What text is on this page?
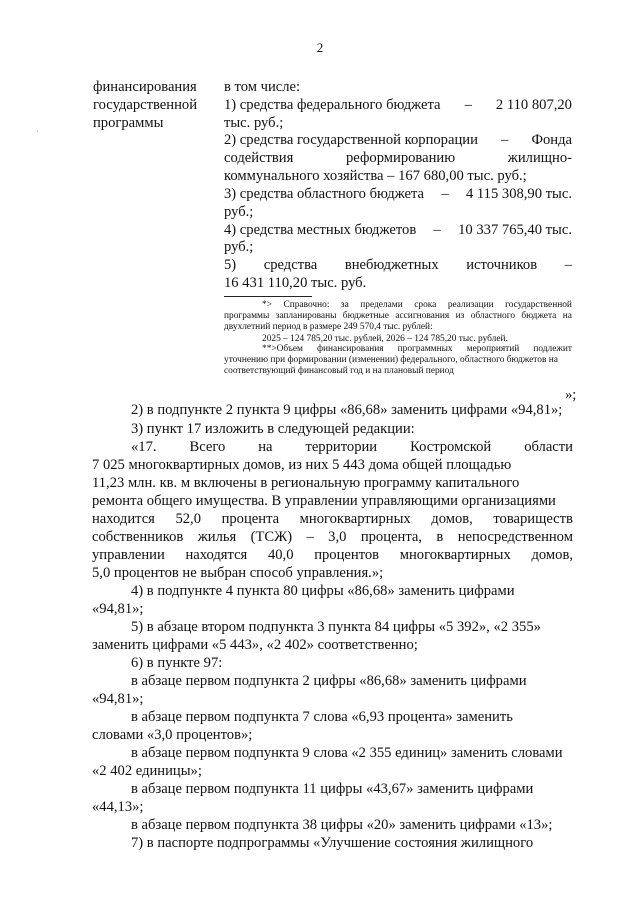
2
·
финансирования
государственной
программы
в том числе:
1) средства федерального бюджета – 2 110 807,20
тыс. руб.;
2) средства государственной корпорации – Фонда
содействия	реформированию	жилищно-
коммунального хозяйства – 167 680,00 тыс. руб.;
3) средства областного бюджета – 4 115 308,90 тыс.
руб.;
4) средства местных бюджетов – 10 337 765,40 тыс.
руб.;
5) средства внебюджетных источников –
16 431 110,20 тыс. руб.
*> Справочно: за пределами срока реализации государственной
программы запланированы бюджетные ассигнования из областного бюджета на
двухлетний период в размере 249 570,4 тыс. рублей:
2025 – 124 785,20 тыс. рублей, 2026 – 124 785,20 тыс. рублей.
**>Объем финансирования программных мероприятий подлежит
уточнению при формировании (изменении) федерального, областного бюджетов на
соответствующий финансовый год и на плановый период
»;
2) в подпункте 2 пункта 9 цифры «86,68» заменить цифрами «94,81»;
3) пункт 17 изложить в следующей редакции:
«17. Всего на территории Костромской области
7 025 многоквартирных домов, из них 5 443 дома общей площадью
11,23 млн. кв. м включены в региональную программу капитального
ремонта общего имущества. В управлении управляющими организациями
находится 52,0 процента многоквартирных домов, товариществ
собственников жилья (ТСЖ) – 3,0 процента, в непосредственном
управлении находятся 40,0 процентов многоквартирных домов,
5,0 процентов не выбран способ управления.»;
4) в подпункте 4 пункта 80 цифры «86,68» заменить цифрами
«94,81»;
5) в абзаце втором подпункта 3 пункта 84 цифры «5 392», «2 355»
заменить цифрами «5 443», «2 402» соответственно;
6) в пункте 97:
в абзаце первом подпункта 2 цифры «86,68» заменить цифрами
«94,81»;
в абзаце первом подпункта 7 слова «6,93 процента» заменить
словами «3,0 процентов»;
в абзаце первом подпункта 9 слова «2 355 единиц» заменить словами
«2 402 единицы»;
в абзаце первом подпункта 11 цифры «43,67» заменить цифрами
«44,13»;
в абзаце первом подпункта 38 цифры «20» заменить цифрами «13»;
7) в паспорте подпрограммы «Улучшение состояния жилищного
